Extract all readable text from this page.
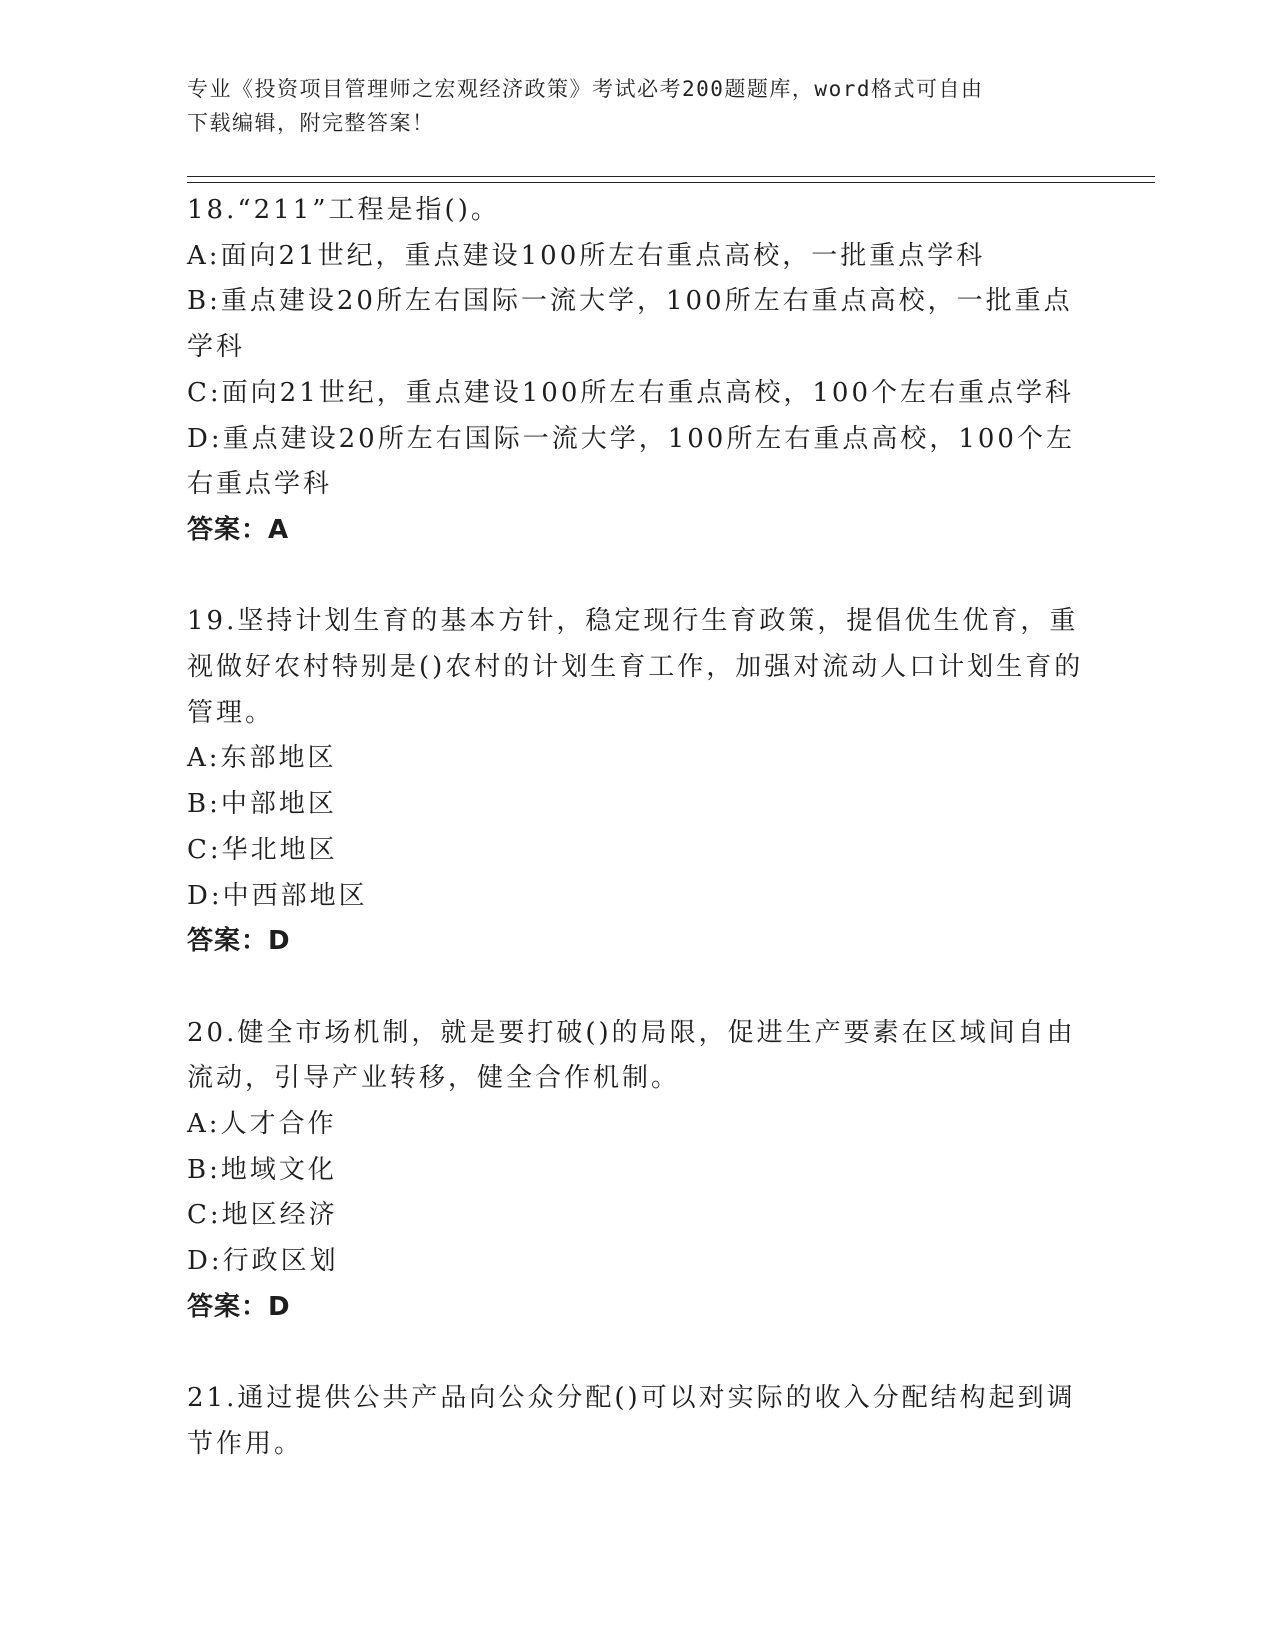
专业《投资项目管理师之宏观经济政策》考试必考200题题库，word格式可自由
下载编辑，附完整答案！

18.“211”工程是指()。

A:面向21世纪，重点建设100所左右重点高校，一批重点学科

B:重点建设20所左右国际一流大学，100所左右重点高校，一批重点学科

C:面向21世纪，重点建设100所左右重点高校，100个左右重点学科

D:重点建设20所左右国际一流大学，100所左右重点高校，100个左右重点学科

答案：A

19.坚持计划生育的基本方针，稳定现行生育政策，提倡优生优育，重视做好农村特别是()农村的计划生育工作，加强对流动人口计划生育的管理。

A:东部地区

B:中部地区

C:华北地区

D:中西部地区

答案：D

20.健全市场机制，就是要打破()的局限，促进生产要素在区域间自由流动，引导产业转移，健全合作机制。

A:人才合作

B:地域文化

C:地区经济

D:行政区划

答案：D

21.通过提供公共产品向公众分配()可以对实际的收入分配结构起到调节作用。
